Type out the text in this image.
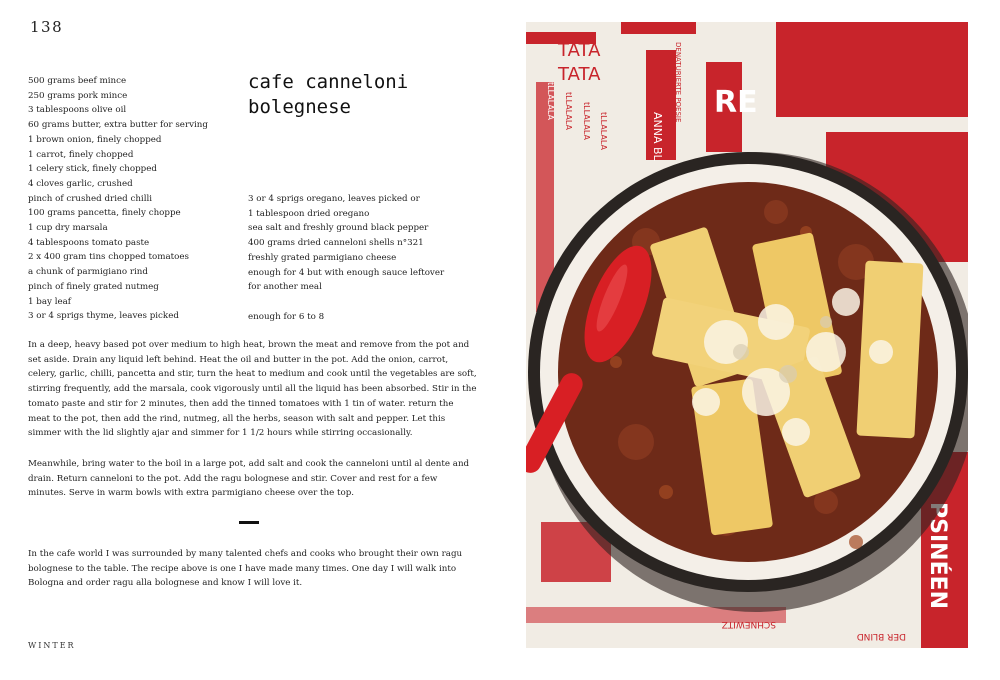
138
cafe canneloni
bolegnese
500 grams beef mince
250 grams pork mince
3 tablespoons olive oil
60 grams butter, extra butter for serving
1 brown onion, finely chopped
1 carrot, finely chopped
1 celery stick, finely chopped
4 cloves garlic, crushed
pinch of crushed dried chilli
100 grams pancetta, finely choppe
1 cup dry marsala
4 tablespoons tomato paste
2 x 400 gram tins chopped tomatoes
a chunk of parmigiano rind
pinch of finely grated nutmeg
1 bay leaf
3 or 4 sprigs thyme, leaves picked
3 or 4 sprigs oregano, leaves picked or
1 tablespoon dried oregano
sea salt and freshly ground black pepper
400 grams dried canneloni shells n°321
freshly grated parmigiano cheese
enough for 4 but with enough sauce leftover
for another meal
enough for 6 to 8

In a deep, heavy based pot over medium to high heat, brown the meat and remove from the pot and set aside. Drain any liquid left behind. Heat the oil and butter in the pot. Add the onion, carrot, celery, garlic, chilli, pancetta and stir, turn the heat to medium and cook until the vegetables are soft, stirring frequently, add the marsala, cook vigorously until all the liquid has been absorbed. Stir in the tomato paste and stir for 2 minutes, then add the tinned tomatoes with 1 tin of water. return the meat to the pot, then add the rind, nutmeg, all the herbs, season with salt and pepper. Let this simmer with the lid slightly ajar and simmer for 1 1/2 hours while stirring occasionally.

Meanwhile, bring water to the boil in a large pot, add salt and cook the canneloni until al dente and drain. Return canneloni to the pot. Add the ragu bolognese and stir. Cover and rest for a few minutes. Serve in warm bowls with extra parmigiano cheese over the top.

In the cafe world I was surrounded by many talented chefs and cooks who brought their own ragu bolognese to the table. The recipe above is one I have made many times. One day I will walk into Bologna and order ragu alla bolognese and know I will love it.

WINTER
TATA
TATA
ANNA BL
DENATURIERTE POESIE RE
tLLALALA tLLALALA tLLALALA tLLALALA
PSINÉEN
SCHNEWITZ
DER BLIND
